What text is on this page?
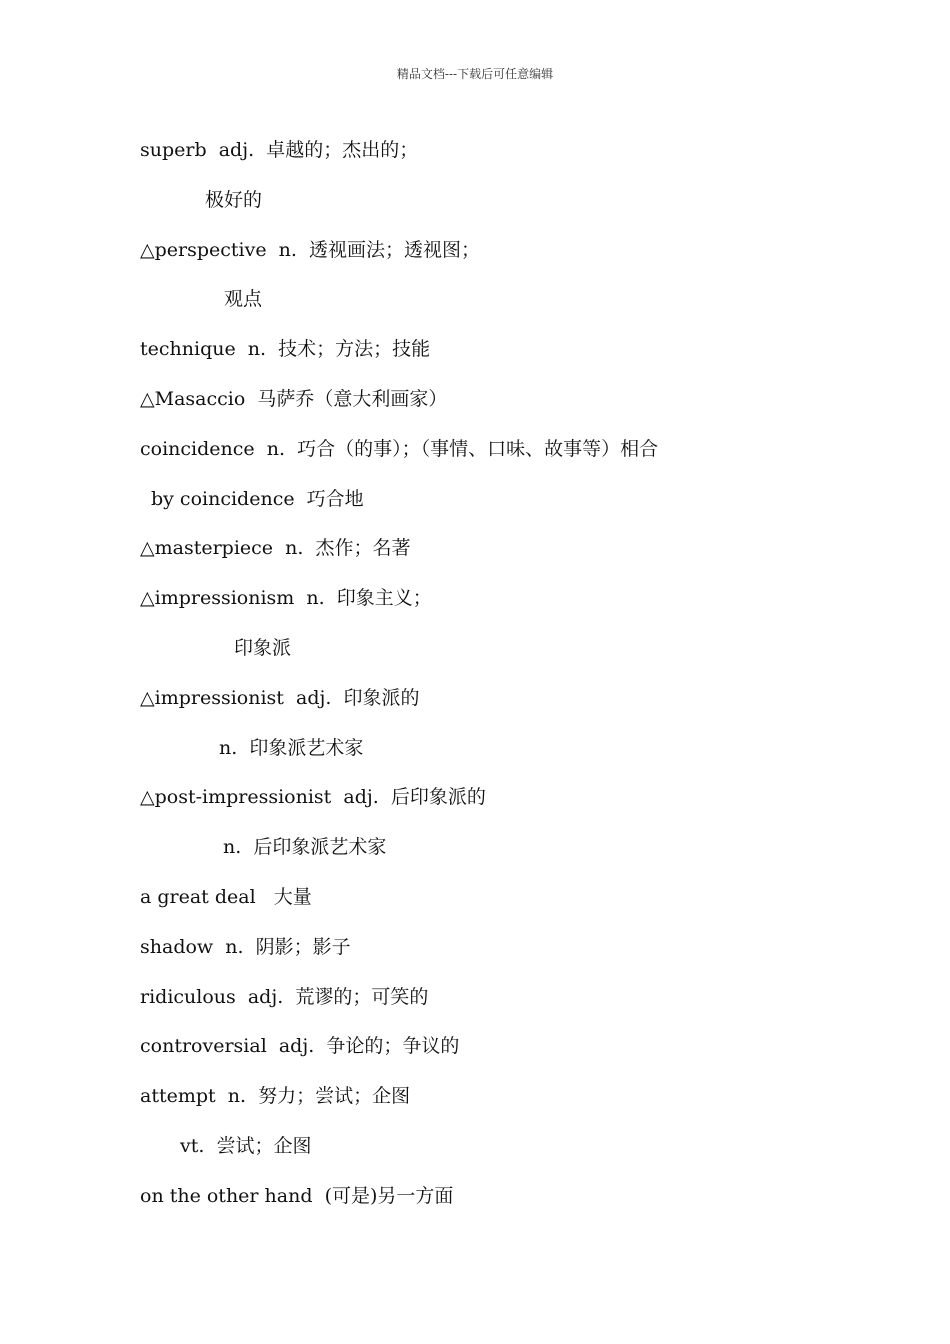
精品文档---下载后可任意编辑
superb  adj.  卓越的；杰出的；
极好的
△perspective  n.  透视画法；透视图；
观点
technique  n.  技术；方法；技能
△Masaccio  马萨乔（意大利画家）
coincidence  n.  巧合（的事）；（事情、口味、故事等）相合
by coincidence  巧合地
△masterpiece  n.  杰作；名著
△impressionism  n.  印象主义；
印象派
△impressionist  adj.  印象派的
n.  印象派艺术家
△post-impressionist  adj.  后印象派的
n.  后印象派艺术家
a great deal   大量
shadow  n.  阴影；影子
ridiculous  adj.  荒谬的；可笑的
controversial  adj.  争论的；争议的
attempt  n.  努力；尝试；企图
vt.  尝试；企图
on the other hand  (可是)另一方面
